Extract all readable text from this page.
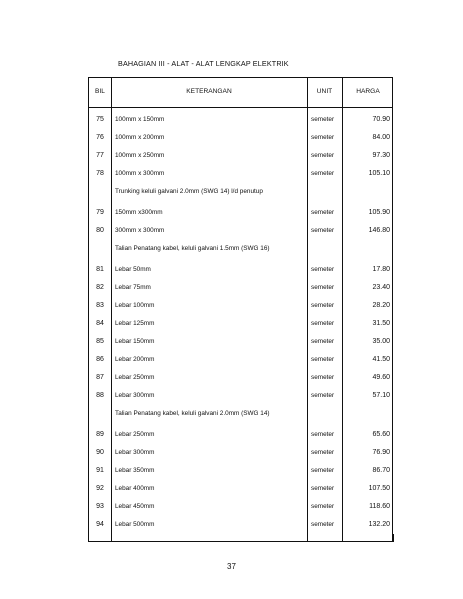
BAHAGIAN III - ALAT - ALAT LENGKAP ELEKTRIK
BIL	KETERANGAN	UNIT	HARGA
75	100mm x 150mm	semeter	70.90
76	100mm x 200mm	semeter	84.00
77	100mm x 250mm	semeter	97.30
78	100mm x 300mm	semeter	105.10
Trunking keluli galvani 2.0mm (SWG 14) l/d penutup
79	150mm x300mm	semeter	105.90
80	300mm x 300mm	semeter	146.80
Talian Penatang kabel, keluli galvani 1.5mm (SWG 16)
81	Lebar 50mm	semeter	17.80
82	Lebar 75mm	semeter	23.40
83	Lebar 100mm	semeter	28.20
84	Lebar 125mm	semeter	31.50
85	Lebar 150mm	semeter	35.00
86	Lebar 200mm	semeter	41.50
87	Lebar 250mm	semeter	49.60
88	Lebar 300mm	semeter	57.10
Talian Penatang kabel, keluli galvani 2.0mm (SWG 14)
89	Lebar 250mm	semeter	65.60
90	Lebar 300mm	semeter	76.90
91	Lebar 350mm	semeter	86.70
92	Lebar 400mm	semeter	107.50
93	Lebar 450mm	semeter	118.60
94	Lebar 500mm	semeter	132.20
37
